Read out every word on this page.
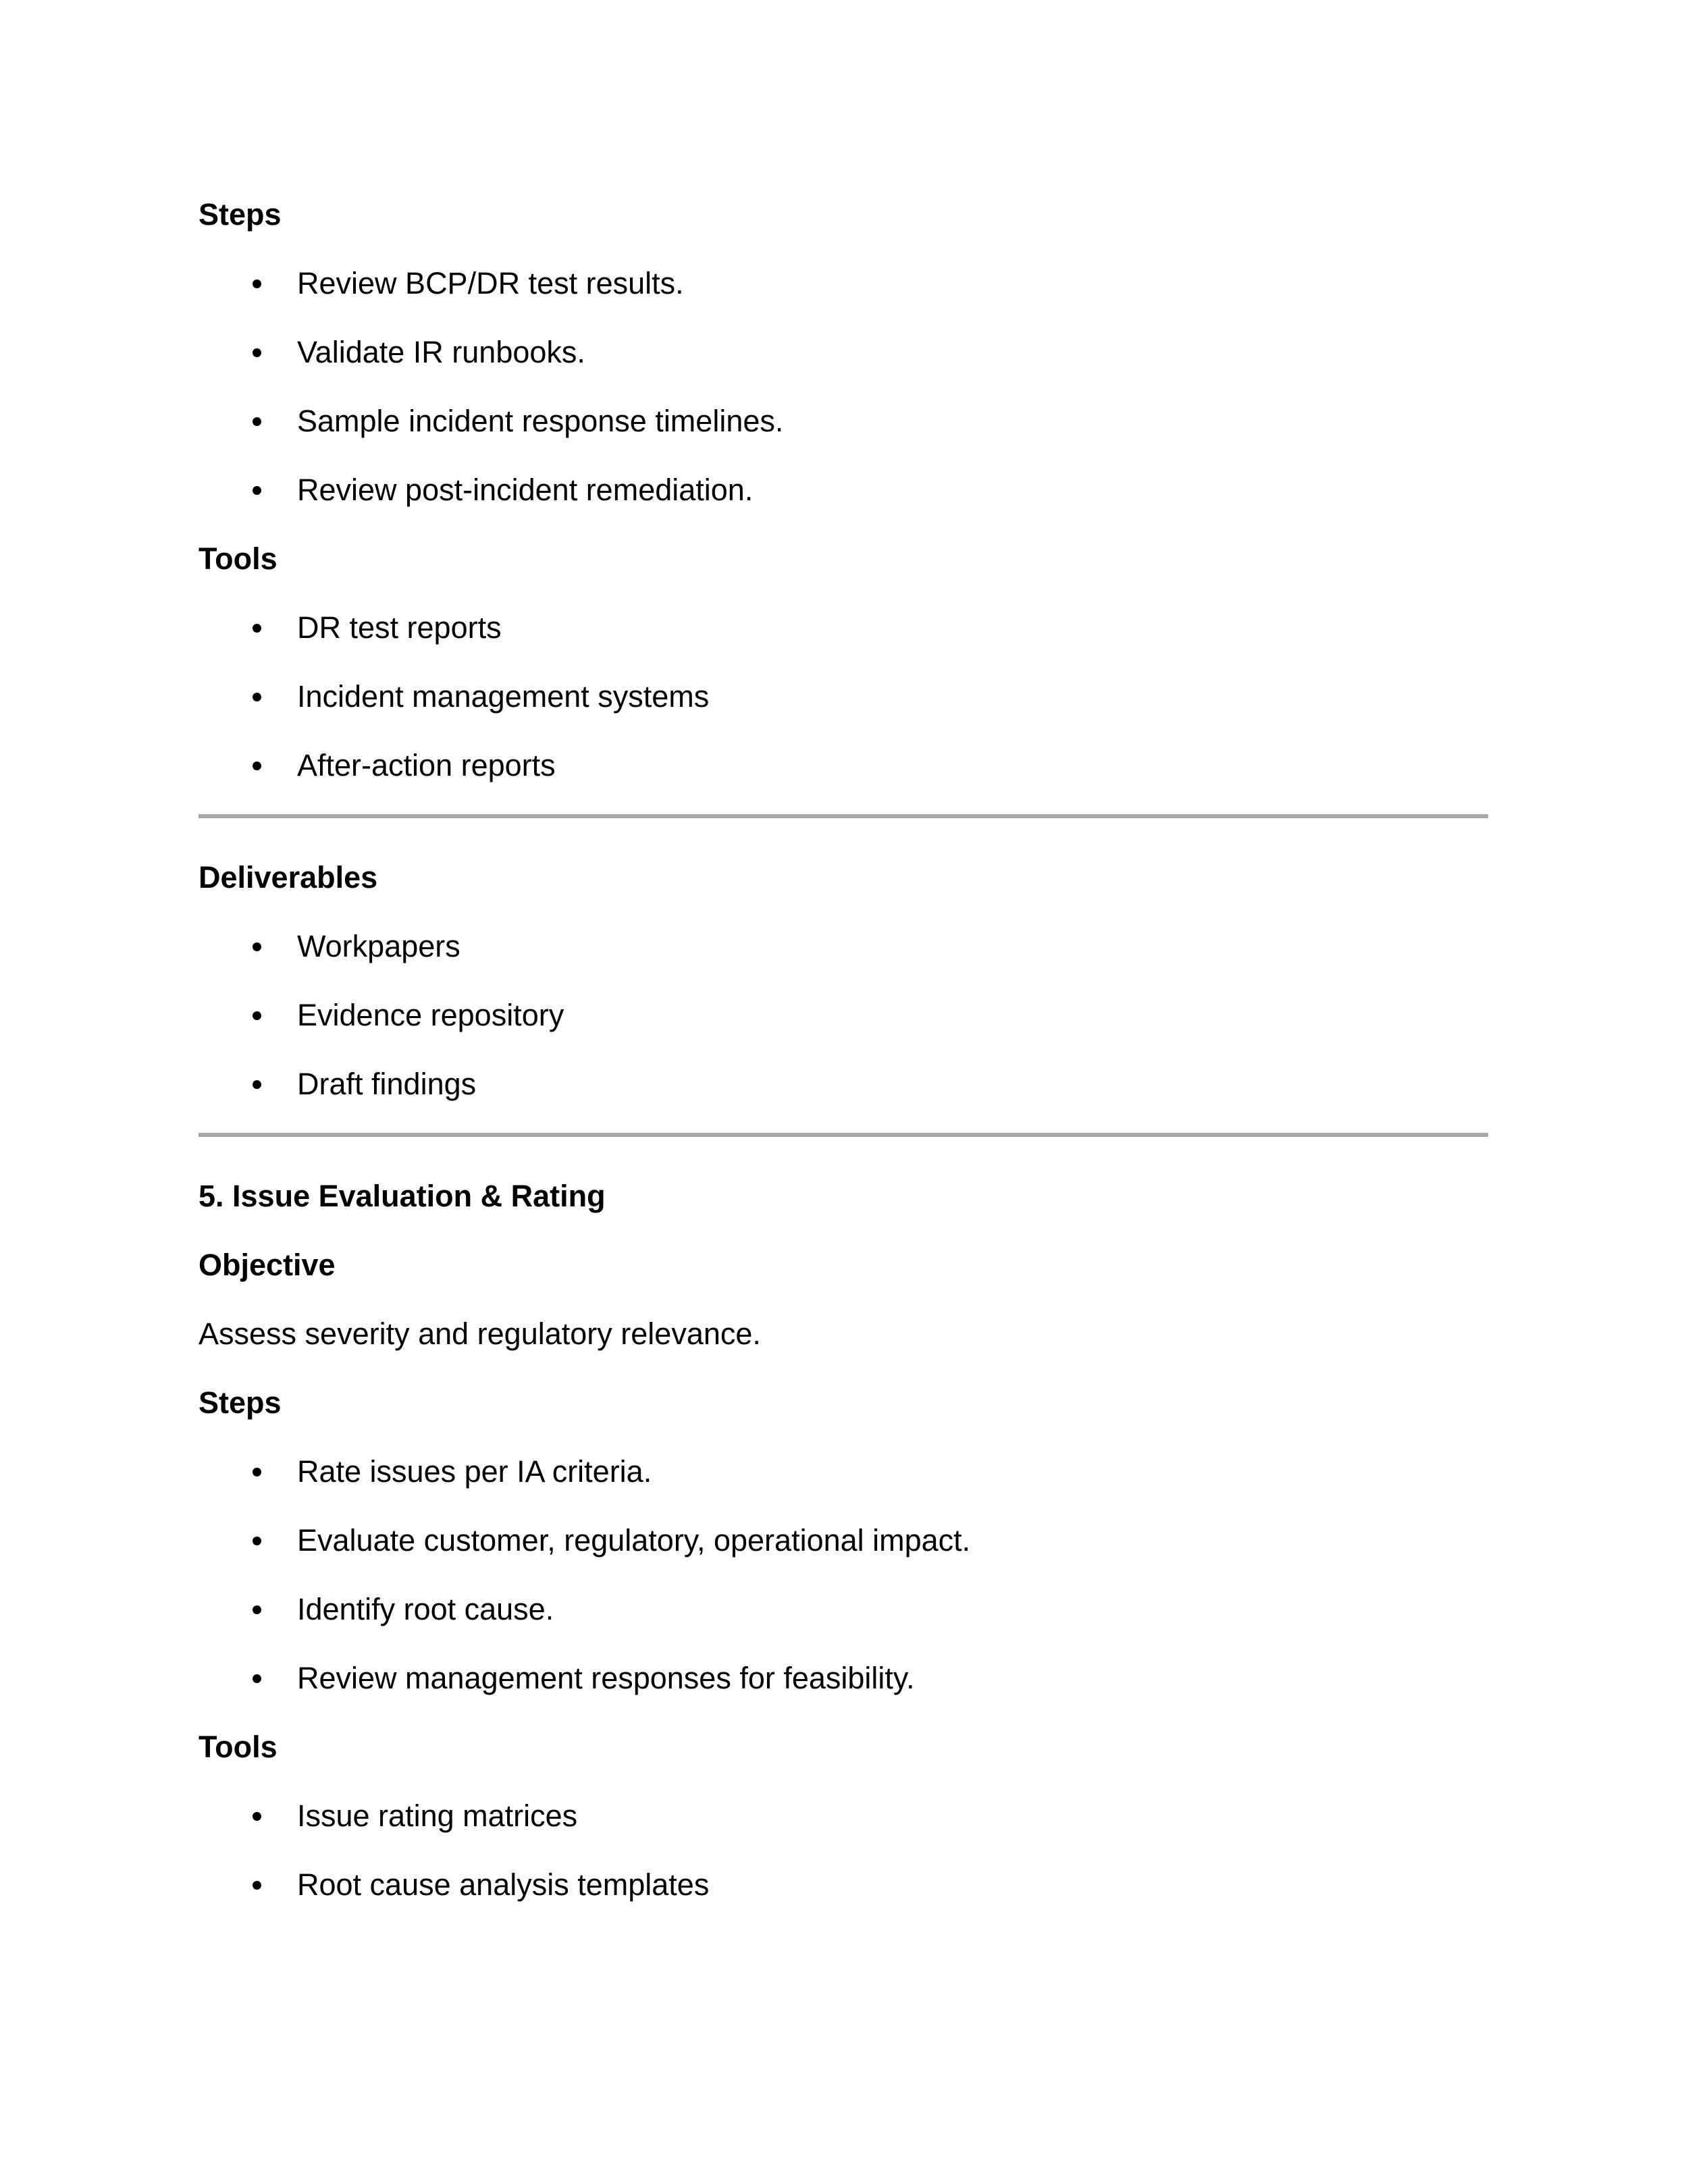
Steps
Review BCP/DR test results.
Validate IR runbooks.
Sample incident response timelines.
Review post-incident remediation.
Tools
DR test reports
Incident management systems
After-action reports
Deliverables
Workpapers
Evidence repository
Draft findings
5. Issue Evaluation & Rating
Objective
Assess severity and regulatory relevance.
Steps
Rate issues per IA criteria.
Evaluate customer, regulatory, operational impact.
Identify root cause.
Review management responses for feasibility.
Tools
Issue rating matrices
Root cause analysis templates
